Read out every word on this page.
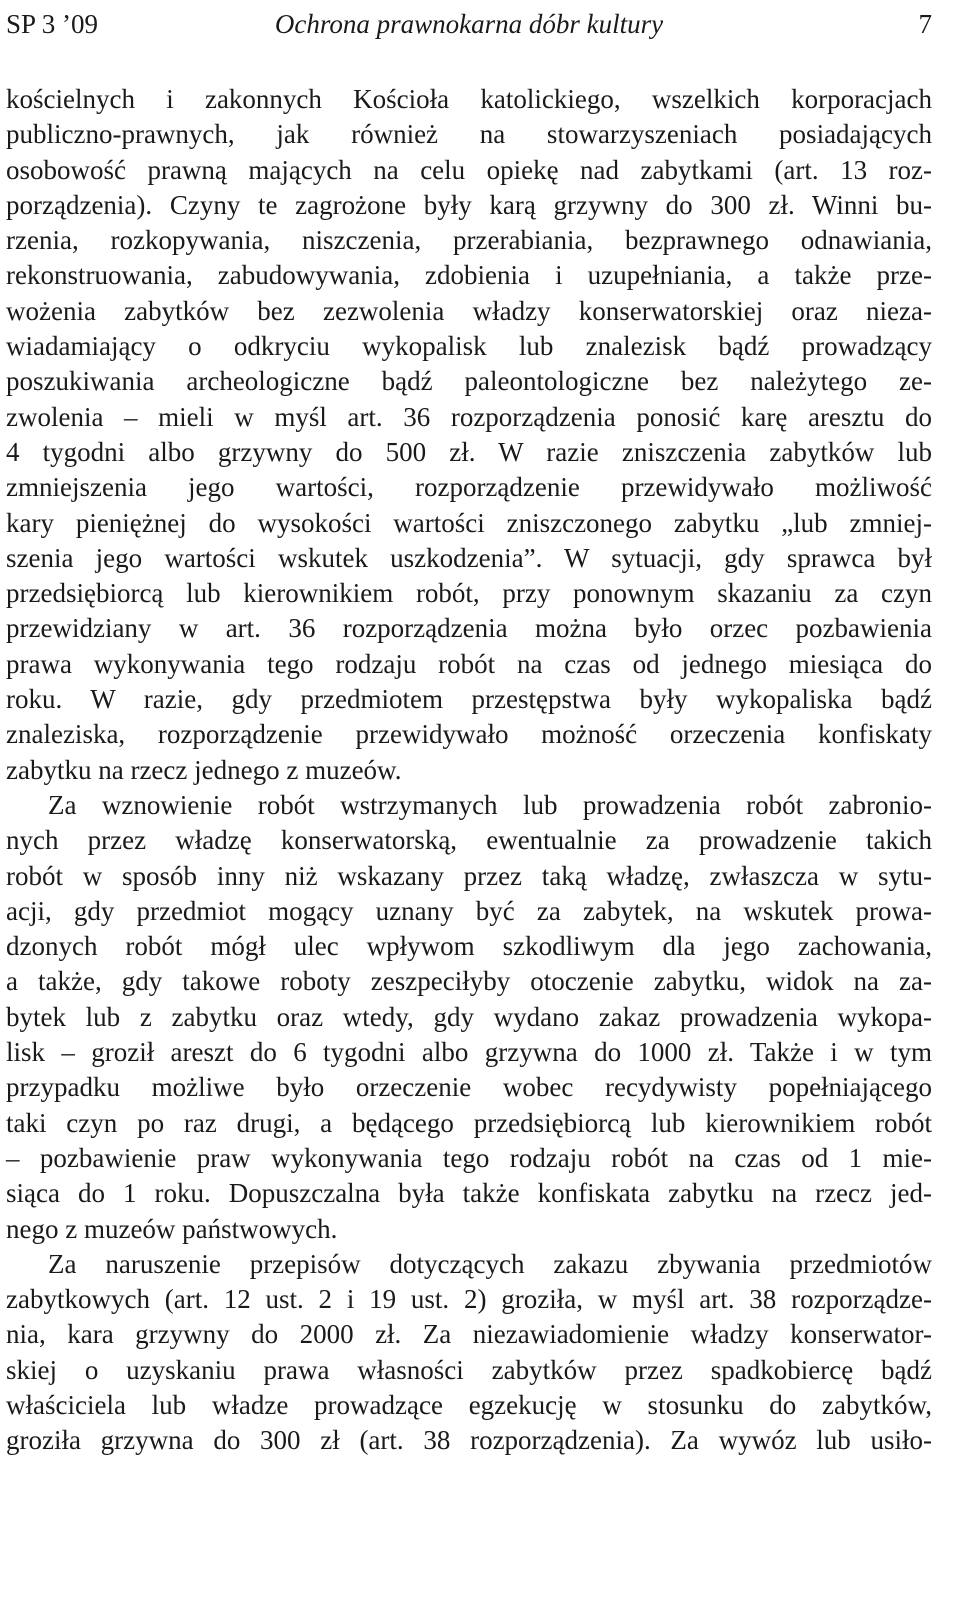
SP 3 ’09	Ochrona prawnokarna dóbr kultury	7
kościelnych i zakonnych Kościoła katolickiego, wszelkich korporacjach
publiczno-prawnych, jak również na stowarzyszeniach posiadających
osobowość prawną mających na celu opiekę nad zabytkami (art. 13 roz-
porządzenia). Czyny te zagrożone były karą grzywny do 300 zł. Winni bu-
rzenia, rozkopywania, niszczenia, przerabiania, bezprawnego odnawiania,
rekonstruowania, zabudowywania, zdobienia i uzupełniania, a także prze-
wożenia zabytków bez zezwolenia władzy konserwatorskiej oraz nieza-
wiadamiający o odkryciu wykopalisk lub znalezisk bądź prowadzący
poszukiwania archeologiczne bądź paleontologiczne bez należytego ze-
zwolenia – mieli w myśl art. 36 rozporządzenia ponosić karę aresztu do
4 tygodni albo grzywny do 500 zł. W razie zniszczenia zabytków lub
zmniejszenia jego wartości, rozporządzenie przewidywało możliwość
kary pieniężnej do wysokości wartości zniszczonego zabytku „lub zmniej-
szenia jego wartości wskutek uszkodzenia”. W sytuacji, gdy sprawca był
przedsiębiorcą lub kierownikiem robót, przy ponownym skazaniu za czyn
przewidziany w art. 36 rozporządzenia można było orzec pozbawienia
prawa wykonywania tego rodzaju robót na czas od jednego miesiąca do
roku. W razie, gdy przedmiotem przestępstwa były wykopaliska bądź
znaleziska, rozporządzenie przewidywało możność orzeczenia konfiskaty
zabytku na rzecz jednego z muzeów.
Za wznowienie robót wstrzymanych lub prowadzenia robót zabronio-
nych przez władzę konserwatorską, ewentualnie za prowadzenie takich
robót w sposób inny niż wskazany przez taką władzę, zwłaszcza w sytu-
acji, gdy przedmiot mogący uznany być za zabytek, na wskutek prowa-
dzonych robót mógł ulec wpływom szkodliwym dla jego zachowania,
a także, gdy takowe roboty zeszpeciłyby otoczenie zabytku, widok na za-
bytek lub z zabytku oraz wtedy, gdy wydano zakaz prowadzenia wykopa-
lisk – groził areszt do 6 tygodni albo grzywna do 1000 zł. Także i w tym
przypadku możliwe było orzeczenie wobec recydywisty popełniającego
taki czyn po raz drugi, a będącego przedsiębiorcą lub kierownikiem robót
– pozbawienie praw wykonywania tego rodzaju robót na czas od 1 mie-
siąca do 1 roku. Dopuszczalna była także konfiskata zabytku na rzecz jed-
nego z muzeów państwowych.
Za naruszenie przepisów dotyczących zakazu zbywania przedmiotów
zabytkowych (art. 12 ust. 2 i 19 ust. 2) groziła, w myśl art. 38 rozporządze-
nia, kara grzywny do 2000 zł. Za niezawiadomienie władzy konserwator-
skiej o uzyskaniu prawa własności zabytków przez spadkobiercę bądź
właściciela lub władze prowadzące egzekucję w stosunku do zabytków,
groziła grzywna do 300 zł (art. 38 rozporządzenia). Za wywóz lub usiło-
